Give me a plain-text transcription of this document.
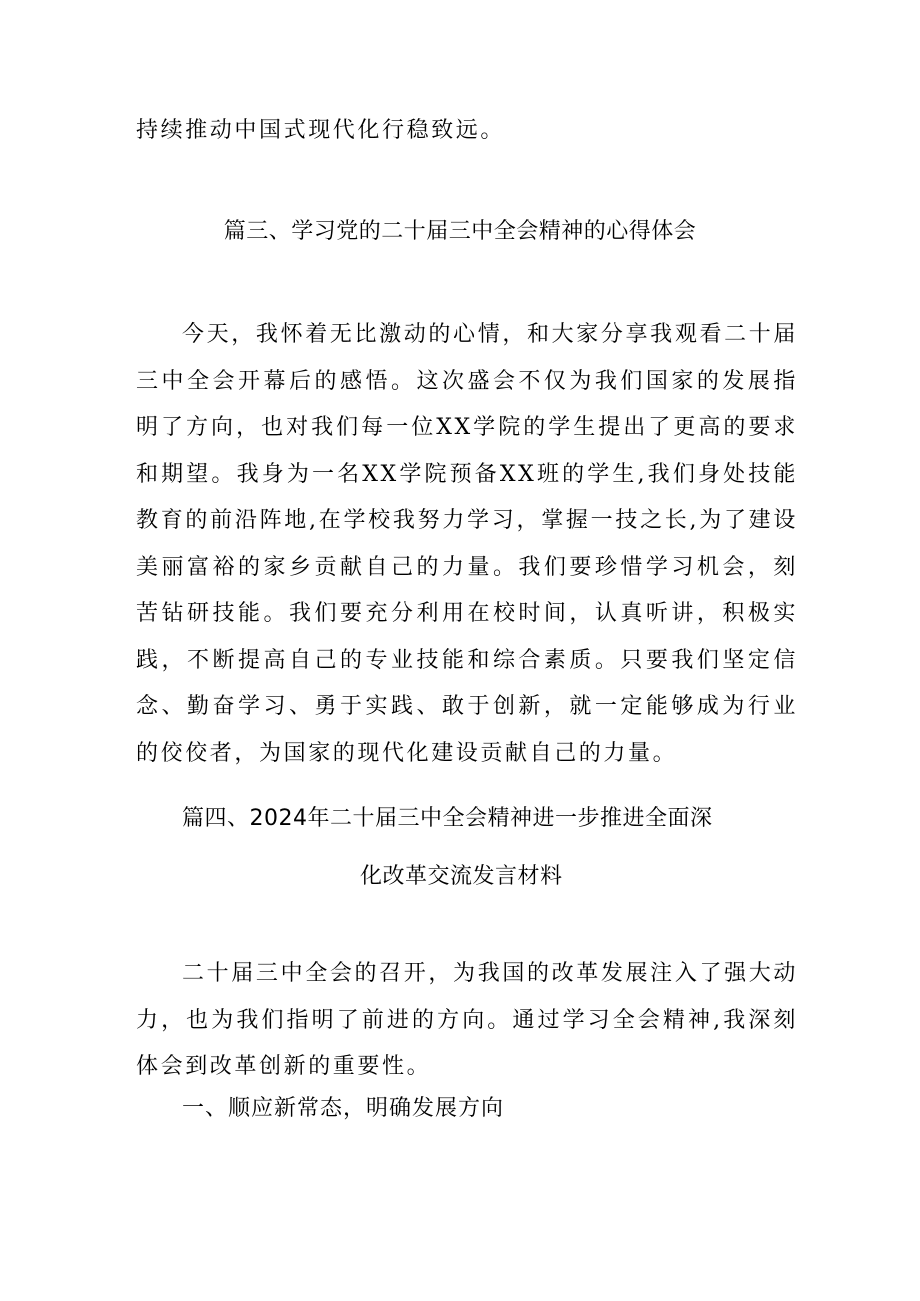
持续推动中国式现代化行稳致远。

篇三、学习党的二十届三中全会精神的心得体会

今天，我怀着无比激动的心情，和大家分享我观看二十届三中全会开幕后的感悟。这次盛会不仅为我们国家的发展指明了方向，也对我们每一位XX学院的学生提出了更高的要求和期望。我身为一名XX学院预备XX班的学生,我们身处技能教育的前沿阵地,在学校我努力学习，掌握一技之长,为了建设美丽富裕的家乡贡献自己的力量。我们要珍惜学习机会，刻苦钻研技能。我们要充分利用在校时间，认真听讲，积极实践，不断提高自己的专业技能和综合素质。只要我们坚定信念、勤奋学习、勇于实践、敢于创新，就一定能够成为行业的佼佼者，为国家的现代化建设贡献自己的力量。

篇四、2024年二十届三中全会精神进一步推进全面深
化改革交流发言材料

二十届三中全会的召开，为我国的改革发展注入了强大动力，也为我们指明了前进的方向。通过学习全会精神,我深刻体会到改革创新的重要性。

一、顺应新常态，明确发展方向
